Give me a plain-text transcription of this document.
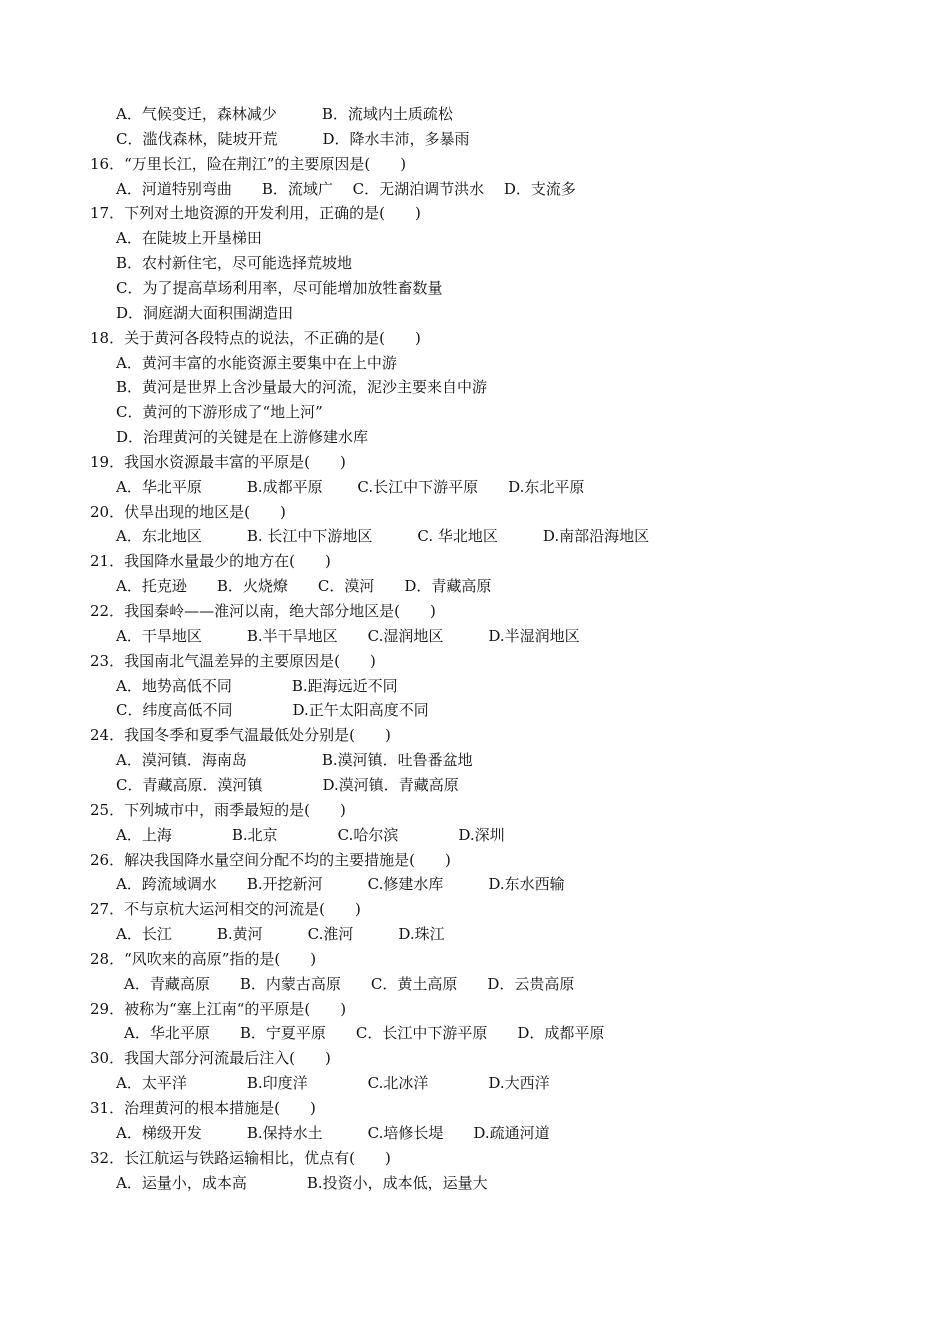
A．气候变迁，森林减少　　　B．流域内土质疏松
C．滥伐森林，陡坡开荒　　　D．降水丰沛，多暴雨
16．“万里长江，险在荆江”的主要原因是(　　)
A．河道特别弯曲　　B．流域广　 C．无湖泊调节洪水　 D．支流多
17．下列对土地资源的开发利用，正确的是(　　)
A．在陡坡上开垦梯田
B．农村新住宅，尽可能选择荒坡地
C．为了提高草场利用率，尽可能增加放牲畜数量
D．洞庭湖大面积围湖造田
18．关于黄河各段特点的说法，不正确的是(　　)
A．黄河丰富的水能资源主要集中在上中游
B．黄河是世界上含沙量最大的河流，泥沙主要来自中游
C．黄河的下游形成了“地上河”
D．治理黄河的关键是在上游修建水库
19．我国水资源最丰富的平原是(　　)
A．华北平原　　　B.成都平原　　 C.长江中下游平原　　D.东北平原
20．伏旱出现的地区是(　　)
A．东北地区　　　B. 长江中下游地区　　　C. 华北地区　　　D.南部沿海地区
21．我国降水量最少的地方在(　　)
A．托克逊　　B．火烧燎　　C．漠河　　D．青藏高原
22．我国秦岭——淮河以南，绝大部分地区是(　　)
A．干旱地区　　　B.半干旱地区　　C.湿润地区　　　D.半湿润地区
23．我国南北气温差异的主要原因是(　　)
A．地势高低不同　　　　B.距海远近不同
C．纬度高低不同　　　　D.正午太阳高度不同
24．我国冬季和夏季气温最低处分别是(　　)
A．漠河镇．海南岛　　　　　B.漠河镇．吐鲁番盆地
C．青藏高原．漠河镇　　　　D.漠河镇．青藏高原
25．下列城市中，雨季最短的是(　　)
A．上海　　　　B.北京　　　　C.哈尔滨　　　　D.深圳
26．解决我国降水量空间分配不均的主要措施是(　　)
A．跨流域调水　　B.开挖新河　　　C.修建水库　　　D.东水西输
27．不与京杭大运河相交的河流是(　　)
A．长江　　　B.黄河　　　C.淮河　　　D.珠江
28．“风吹来的高原”指的是(　　)
A．青藏高原　　B．内蒙古高原　　C．黄土高原　　D．云贵高原
29．被称为“塞上江南“的平原是(　　)
A．华北平原　　B．宁夏平原　　C．长江中下游平原　　D．成都平原
30．我国大部分河流最后注入(　　)
A．太平洋　　　　B.印度洋　　　　C.北冰洋　　　　D.大西洋
31．治理黄河的根本措施是(　　)
A．梯级开发　　　B.保持水土　　　C.培修长堤　　D.疏通河道
32．长江航运与铁路运输相比，优点有(　　)
A．运量小，成本高　　　　B.投资小，成本低，运量大
